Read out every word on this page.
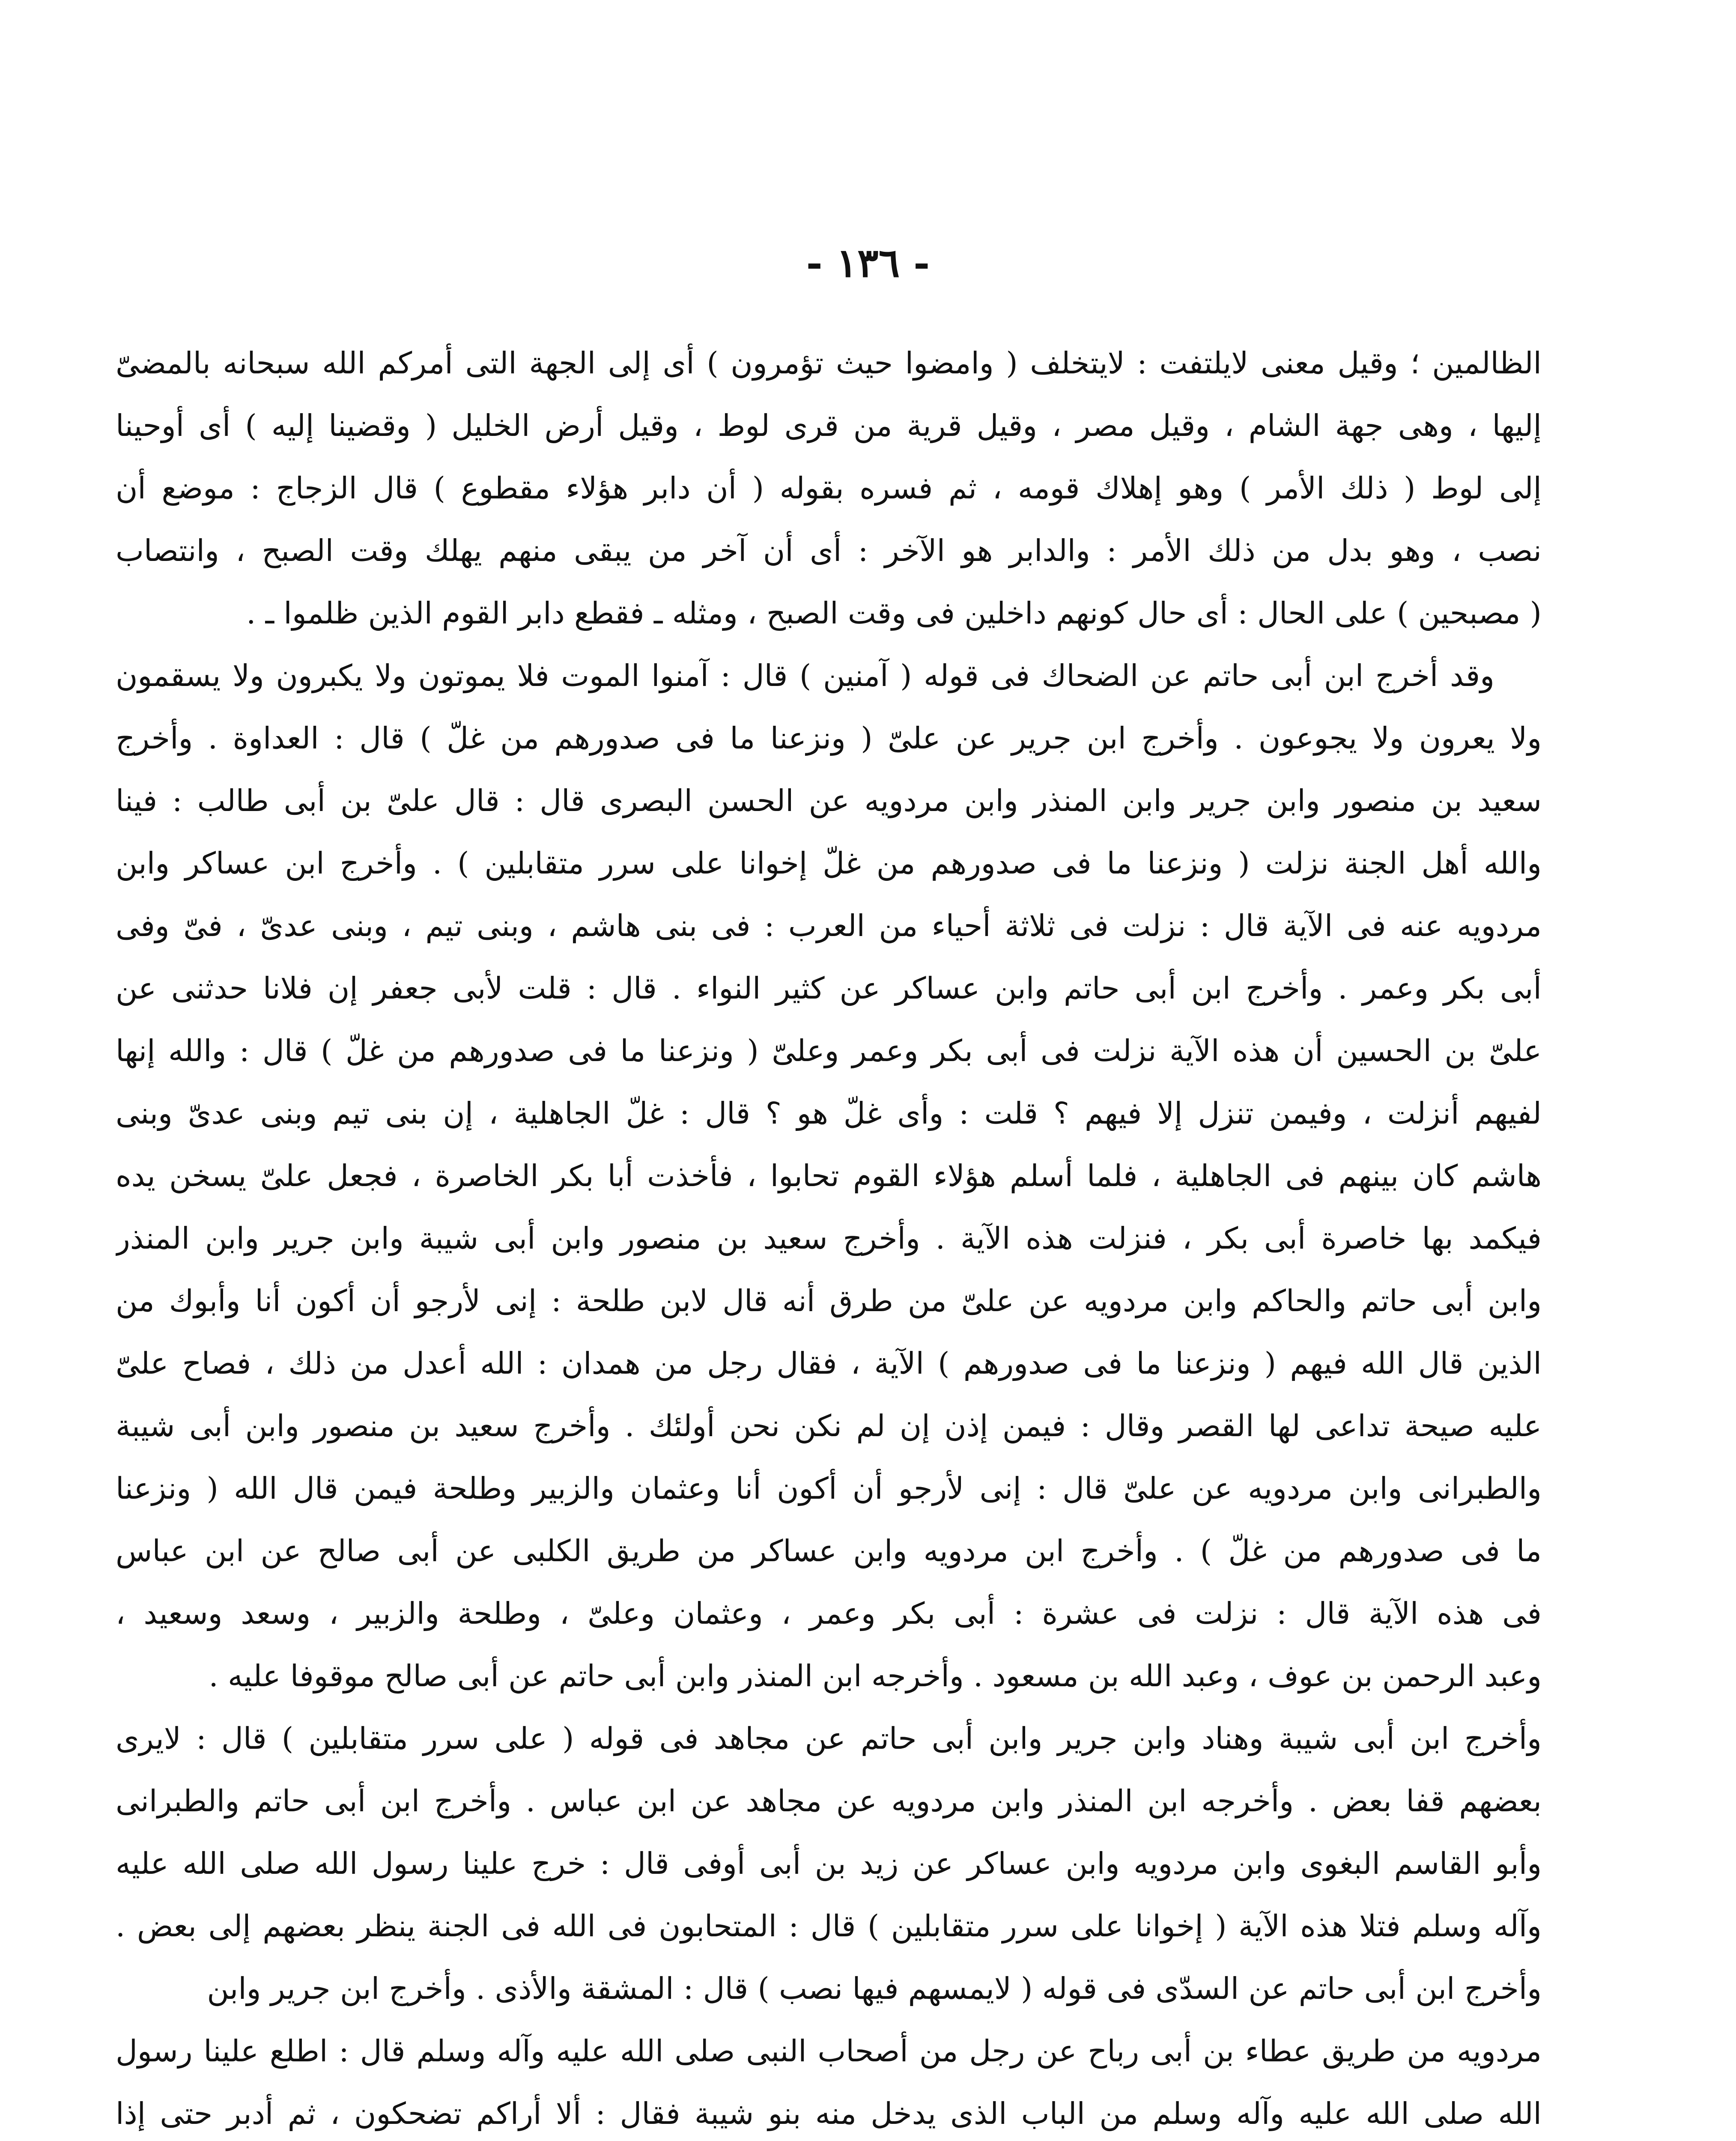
- ١٣٦ -
الظالمين ؛ وقيل معنى لايلتفت : لايتخلف ( وامضوا حيث تؤمرون ) أى إلى الجهة التى أمركم الله سبحانه بالمضىّ
إليها ، وهى جهة الشام ، وقيل مصر ، وقيل قرية من قرى لوط ، وقيل أرض الخليل ( وقضينا إليه ) أى أوحينا
إلى لوط ( ذلك الأمر ) وهو إهلاك قومه ، ثم فسره بقوله ( أن دابر هؤلاء مقطوع ) قال الزجاج : موضع أن
نصب ، وهو بدل من ذلك الأمر : والدابر هو الآخر : أى أن آخر من يبقى منهم يهلك وقت الصبح ، وانتصاب
( مصبحين ) على الحال : أى حال كونهم داخلين فى وقت الصبح ، ومثله ـ فقطع دابر القوم الذين ظلموا ـ .
وقد أخرج ابن أبى حاتم عن الضحاك فى قوله ( آمنين ) قال : آمنوا الموت فلا يموتون ولا يكبرون ولا يسقمون
ولا يعرون ولا يجوعون . وأخرج ابن جرير عن علىّ ( ونزعنا ما فى صدورهم من غلّ ) قال : العداوة . وأخرج
سعيد بن منصور وابن جرير وابن المنذر وابن مردويه عن الحسن البصرى قال : قال علىّ بن أبى طالب : فينا
والله أهل الجنة نزلت ( ونزعنا ما فى صدورهم من غلّ إخوانا على سرر متقابلين ) . وأخرج ابن عساكر وابن
مردويه عنه فى الآية قال : نزلت فى ثلاثة أحياء من العرب : فى بنى هاشم ، وبنى تيم ، وبنى عدىّ ، فىّ وفى
أبى بكر وعمر . وأخرج ابن أبى حاتم وابن عساكر عن كثير النواء . قال : قلت لأبى جعفر إن فلانا حدثنى عن
علىّ بن الحسين أن هذه الآية نزلت فى أبى بكر وعمر وعلىّ ( ونزعنا ما فى صدورهم من غلّ ) قال : والله إنها
لفيهم أنزلت ، وفيمن تنزل إلا فيهم ؟ قلت : وأى غلّ هو ؟ قال : غلّ الجاهلية ، إن بنى تيم وبنى عدىّ وبنى
هاشم كان بينهم فى الجاهلية ، فلما أسلم هؤلاء القوم تحابوا ، فأخذت أبا بكر الخاصرة ، فجعل علىّ يسخن يده
فيكمد بها خاصرة أبى بكر ، فنزلت هذه الآية . وأخرج سعيد بن منصور وابن أبى شيبة وابن جرير وابن المنذر
وابن أبى حاتم والحاكم وابن مردويه عن علىّ من طرق أنه قال لابن طلحة : إنى لأرجو أن أكون أنا وأبوك من
الذين قال الله فيهم ( ونزعنا ما فى صدورهم ) الآية ، فقال رجل من همدان : الله أعدل من ذلك ، فصاح علىّ
عليه صيحة تداعى لها القصر وقال : فيمن إذن إن لم نكن نحن أولئك . وأخرج سعيد بن منصور وابن أبى شيبة
والطبرانى وابن مردويه عن علىّ قال : إنى لأرجو أن أكون أنا وعثمان والزبير وطلحة فيمن قال الله ( ونزعنا
ما فى صدورهم من غلّ ) . وأخرج ابن مردويه وابن عساكر من طريق الكلبى عن أبى صالح عن ابن عباس
فى هذه الآية قال : نزلت فى عشرة : أبى بكر وعمر ، وعثمان وعلىّ ، وطلحة والزبير ، وسعد وسعيد ،
وعبد الرحمن بن عوف ، وعبد الله بن مسعود . وأخرجه ابن المنذر وابن أبى حاتم عن أبى صالح موقوفا عليه .
وأخرج ابن أبى شيبة وهناد وابن جرير وابن أبى حاتم عن مجاهد فى قوله ( على سرر متقابلين ) قال : لايرى
بعضهم قفا بعض . وأخرجه ابن المنذر وابن مردويه عن مجاهد عن ابن عباس . وأخرج ابن أبى حاتم والطبرانى
وأبو القاسم البغوى وابن مردويه وابن عساكر عن زيد بن أبى أوفى قال : خرج علينا رسول الله صلى الله عليه
وآله وسلم فتلا هذه الآية ( إخوانا على سرر متقابلين ) قال : المتحابون فى الله فى الجنة ينظر بعضهم إلى بعض .
وأخرج ابن أبى حاتم عن السدّى فى قوله ( لايمسهم فيها نصب ) قال : المشقة والأذى . وأخرج ابن جرير وابن
مردويه من طريق عطاء بن أبى رباح عن رجل من أصحاب النبى صلى الله عليه وآله وسلم قال : اطلع علينا رسول
الله صلى الله عليه وآله وسلم من الباب الذى يدخل منه بنو شيبة فقال : ألا أراكم تضحكون ، ثم أدبر حتى إذا
